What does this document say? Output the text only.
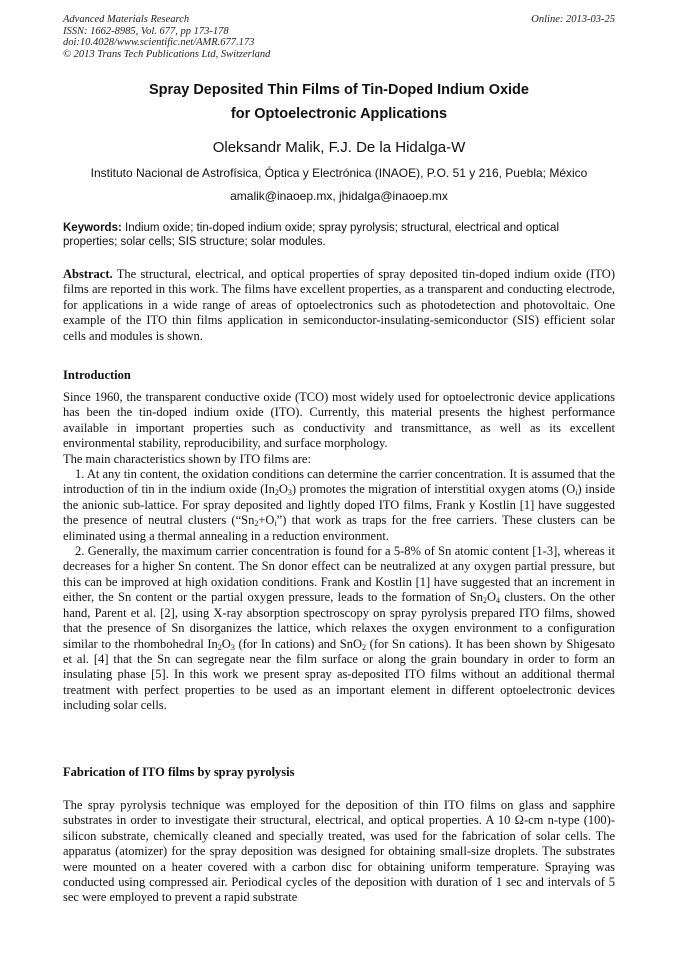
Advanced Materials Research
ISSN: 1662-8985, Vol. 677, pp 173-178
doi:10.4028/www.scientific.net/AMR.677.173
© 2013 Trans Tech Publications Ltd, Switzerland
Online: 2013-03-25
Spray Deposited Thin Films of Tin-Doped Indium Oxide
for Optoelectronic Applications
Oleksandr Malik, F.J. De la Hidalga-W
Instituto Nacional de Astrofísica, Óptica y Electrónica (INAOE), P.O. 51 y 216, Puebla; México
amalik@inaoep.mx, jhidalga@inaoep.mx
Keywords: Indium oxide; tin-doped indium oxide; spray pyrolysis; structural, electrical and optical properties; solar cells; SIS structure; solar modules.
Abstract. The structural, electrical, and optical properties of spray deposited tin-doped indium oxide (ITO) films are reported in this work. The films have excellent properties, as a transparent and conducting electrode, for applications in a wide range of areas of optoelectronics such as photodetection and photovoltaic. One example of the ITO thin films application in semiconductor-insulating-semiconductor (SIS) efficient solar cells and modules is shown.
Introduction

Since 1960, the transparent conductive oxide (TCO) most widely used for optoelectronic device applications has been the tin-doped indium oxide (ITO). Currently, this material presents the highest performance available in important properties such as conductivity and transmittance, as well as its excellent environmental stability, reproducibility, and surface morphology.

The main characteristics shown by ITO films are:

1. At any tin content, the oxidation conditions can determine the carrier concentration. It is assumed that the introduction of tin in the indium oxide $(In_2O_3)$ promotes the migration of interstitial oxygen atoms $(O_i)$ inside the anionic sub-lattice. For spray deposited and lightly doped ITO films, Frank y Kostlin [1] have suggested the presence of neutral clusters $(“Sn_2+O_i”)$ that work as traps for the free carriers. These clusters can be eliminated using a thermal annealing in a reduction environment.

2. Generally, the maximum carrier concentration is found for a 5-8% of Sn atomic content [1-3], whereas it decreases for a higher Sn content. The Sn donor effect can be neutralized at any oxygen partial pressure, but this can be improved at high oxidation conditions. Frank and Kostlin [1] have suggested that an increment in either, the Sn content or the partial oxygen pressure, leads to the formation of $Sn_2O_4$ clusters. On the other hand, Parent et al. [2], using X-ray absorption spectroscopy on spray pyrolysis prepared ITO films, showed that the presence of Sn disorganizes the lattice, which relaxes the oxygen environment to a configuration similar to the rhombohedral $In_2O_3$ (for In cations) and SnO$_2$ (for Sn cations). It has been shown by Shigesato et al. [4] that the Sn can segregate near the film surface or along the grain boundary in order to form an insulating phase [5]. In this work we present spray as-deposited ITO films without an additional thermal treatment with perfect properties to be used as an important element in different optoelectronic devices including solar cells.

Fabrication of ITO films by spray pyrolysis

The spray pyrolysis technique was employed for the deposition of thin ITO films on glass and sapphire substrates in order to investigate their structural, electrical, and optical properties. A 10 Ω-cm n-type (100)-silicon substrate, chemically cleaned and specially treated, was used for the fabrication of solar cells. The apparatus (atomizer) for the spray deposition was designed for obtaining small-size droplets. The substrates were mounted on a heater covered with a carbon disc for obtaining uniform temperature. Spraying was conducted using compressed air. Periodical cycles of the deposition with duration of 1 sec and intervals of 5 sec were employed to prevent a rapid substrate
